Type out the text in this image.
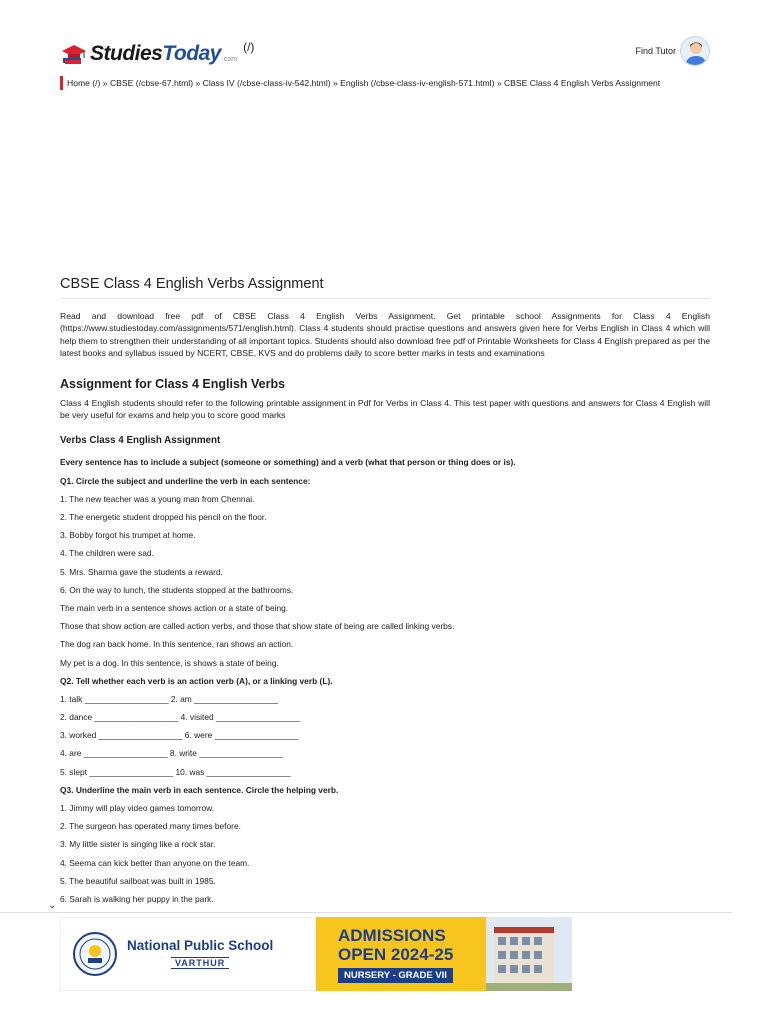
StudiesToday .com
(/)	Find Tutor
Home (/) » CBSE (/cbse-67.html) » Class IV (/cbse-class-iv-542.html) » English (/cbse-class-iv-english-571.html) » CBSE Class 4 English Verbs Assignment
CBSE Class 4 English Verbs Assignment

Read and download free pdf of CBSE Class 4 English Verbs Assignment. Get printable school Assignments for Class 4 English (https://www.studiestoday.com/assignments/571/english.html). Class 4 students should practise questions and answers given here for Verbs English in Class 4 which will help them to strengthen their understanding of all important topics. Students should also download free pdf of Printable Worksheets for Class 4 English prepared as per the latest books and syllabus issued by NCERT, CBSE, KVS and do problems daily to score better marks in tests and examinations

Assignment for Class 4 English Verbs

Class 4 English students should refer to the following printable assignment in Pdf for Verbs in Class 4. This test paper with questions and answers for Class 4 English will be very useful for exams and help you to score good marks

Verbs Class 4 English Assignment
Every sentence has to include a subject (someone or something) and a verb (what that person or thing does or is).
Q1. Circle the subject and underline the verb in each sentence:
1. The new teacher was a young man from Chennai.
2. The energetic student dropped his pencil on the floor.
3. Bobby forgot his trumpet at home.
4. The children were sad.
5. Mrs. Sharma gave the students a reward.
6. On the way to lunch, the students stopped at the bathrooms.
The main verb in a sentence shows action or a state of being.
Those that show action are called action verbs, and those that show state of being are called linking verbs.
The dog ran back home. In this sentence, ran shows an action.
My pet is a dog. In this sentence, is shows a state of being.
Q2. Tell whether each verb is an action verb (A), or a linking verb (L).
1. talk __________________ 2. am __________________
2. dance __________________ 4. visited __________________
3. worked __________________ 6. were __________________
4. are __________________ 8. write __________________
5. slept __________________ 10. was __________________
Q3. Underline the main verb in each sentence. Circle the helping verb.
1. Jimmy will play video games tomorrow.
2. The surgeon has operated many times before.
3. My little sister is singing like a rock star.
4. Seema can kick better than anyone on the team.
5. The beautiful sailboat was built in 1985.
6. Sarah is walking her puppy in the park.
⌄
National Public School
VARTHUR
ADMISSIONS
OPEN 2024-25
NURSERY - GRADE VII
